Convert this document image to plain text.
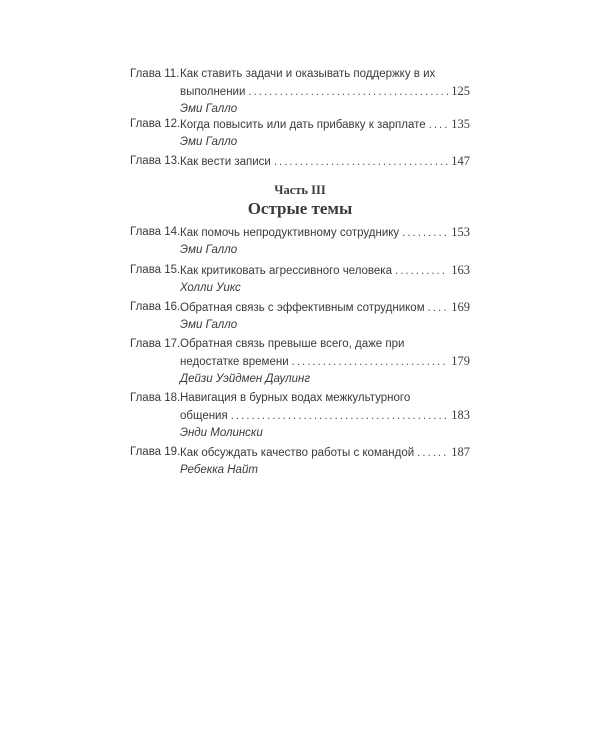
Глава 11. Как ставить задачи и оказывать поддержку в их
выполнении .....	125
Эми Галло
Глава 12. Когда повысить или дать прибавку к зарплате ..... 135
Эми Галло
Глава 13. Как вести записи .....	147
Часть III
Острые темы
Глава 14. Как помочь непродуктивному сотруднику .....	153
Эми Галло
Глава 15. Как критиковать агрессивного человека .....	163
Холли Уикс
Глава 16. Обратная связь с эффективным сотрудником ..... 169
Эми Галло
Глава 17. Обратная связь превыше всего, даже при
недостатке времени .....	179
Дейзи Уэйдмен Даулинг
Глава 18. Навигация в бурных водах межкультурного
общения .....	183
Энди Молински
Глава 19. Как обсуждать качество работы с командой .....	187
Ребекка Найт
